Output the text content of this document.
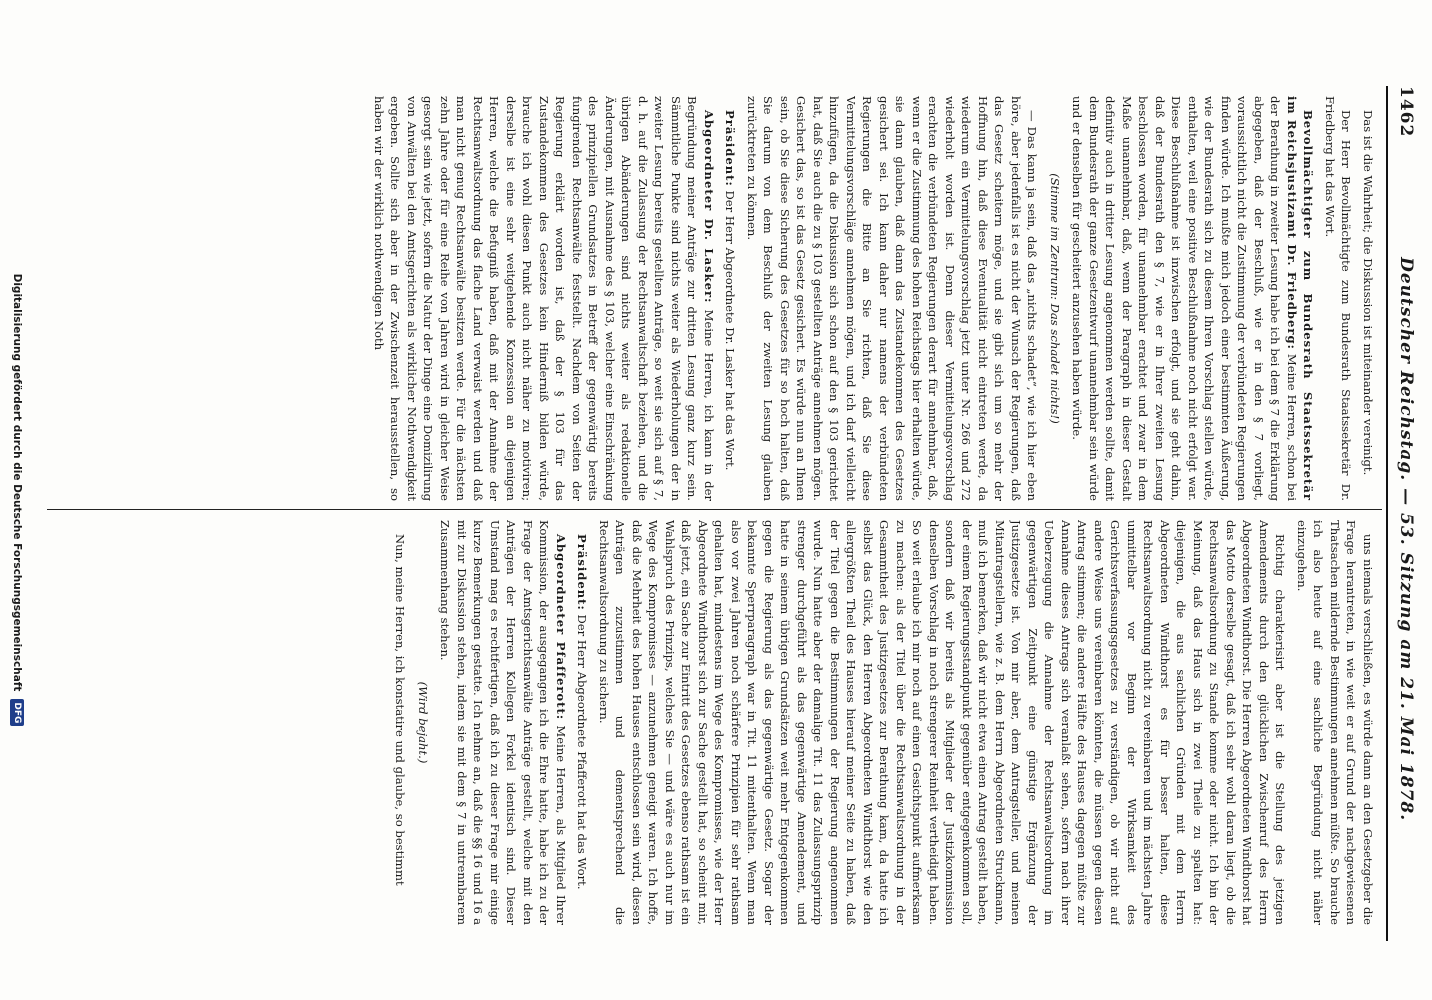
1462
Deutscher Reichstag. — 53. Sitzung am 21. Mai 1878.

Das ist die Wahrheit; die Diskussion ist miteinander vereinigt.

Der Herr Bevollmächtigte zum Bundesrath Staatssekretär Dr. Friedberg hat das Wort.

Bevollmächtigter zum Bundesrath Staatssekretär im Reichsjustizamt Dr. Friedberg: Meine Herren, schon bei der Berathung in zweiter Lesung habe ich bei dem § 7 die Erklärung abgegeben, daß der Beschluß, wie er in den § 7 vorliegt, voraussichtlich nicht die Zustimmung der verbündeten Regierungen finden würde. Ich mußte mich jedoch einer bestimmten Äußerung, wie der Bundesrath sich zu diesem Ihren Vorschlag stellen würde, enthalten, weil eine positive Beschlußnahme noch nicht erfolgt war. Diese Beschlußnahme ist inzwischen erfolgt, und sie geht dahin, daß der Bundesrath den § 7, wie er in Ihrer zweiten Lesung beschlossen worden, für unannehmbar erachtet und zwar in dem Maße unannehmbar, daß, wenn der Paragraph in dieser Gestalt definitiv auch in dritter Lesung angenommen werden sollte, damit dem Bundesrath der ganze Gesetzentwurf unannehmbar sein würde und er denselben für gescheitert anzusehen haben würde.

(Stimme im Zentrum: Das schadet nichts!)

— Das kann ja sein, daß das „nichts schadet“, wie ich hier eben höre, aber jedenfalls ist es nicht der Wunsch der Regierungen, daß das Gesetz scheitern möge, und sie gibt sich um so mehr der Hoffnung hin, daß diese Eventualität nicht eintreten werde, da wiederum ein Vermittelungsvorschlag jetzt unter Nr. 266 und 272 wiederholt worden ist. Denn dieser Vermittelungsvorschlag erachten die verbündeten Regierungen derart für annehmbar, daß, wenn er die Zustimmung des hohen Reichstags hier erhalten würde, sie dann glauben, daß dann das Zustandekommen des Gesetzes gesichert sei. Ich kann daher nur namens der verbündeten Regierungen die Bitte an Sie richten, daß Sie diese Vermittelungsvorschläge annehmen mögen, und ich darf vielleicht hinzufügen, da die Diskussion sich schon auf den § 103 gerichtet hat, daß Sie auch die zu § 103 gestellten Anträge annehmen mögen. Gesichert das, so ist das Gesetz gesichert. Es würde nun an Ihnen sein, ob Sie diese Sicherung des Gesetzes für so hoch halten, daß Sie darum von dem Beschluß der zweiten Lesung glauben zurücktreten zu können.

Präsident: Der Herr Abgeordnete Dr. Lasker hat das Wort.

Abgeordneter Dr. Lasker: Meine Herren, ich kann in der Begründung meiner Anträge zur dritten Lesung ganz kurz sein. Sämmtliche Punkte sind nichts weiter als Wiederholungen der in zweiter Lesung bereits gestellten Anträge, so weit sie sich auf § 7, d. h. auf die Zulassung der Rechtsanwaltschaft beziehen, und die übrigen Abänderungen sind nichts weiter als redaktionelle Änderungen, mit Ausnahme des § 103, welcher eine Einschränkung des prinzipiellen Grundsatzes in Betreff der gegenwärtig bereits fungirenden Rechtsanwälte feststellt. Nachdem von Seiten der Regierung erklärt worden ist, daß der § 103 für das Zustandekommen des Gesetzes kein Hinderniß bilden würde, brauche ich wohl diesen Punkt auch nicht näher zu motiviren; derselbe ist eine sehr weitgehende Konzession an diejenigen Herren, welche die Befugniß haben, daß mit der Annahme der Rechtsanwaltsordnung das flache Land verwaist werden und daß man nicht genug Rechtsanwälte besitzen werde. Für die nächsten zehn Jahre oder für eine Reihe von Jahren wird in gleicher Weise gesorgt sein wie jetzt, sofern die Natur der Dinge eine Domizilirung von Anwälten bei den Amtsgerichten als wirklicher Nothwendigkeit ergeben. Sollte sich aber in der Zwischenzeit herausstellen, so haben wir der wirklich nothwendigen Noth

uns niemals verschließen, es würde dann an den Gesetzgeber die Frage herantreten, in wie weit er auf Grund der nachgewiesenen Thatsachen mildernde Bestimmungen annehmen müßte. So brauche ich also heute auf eine sachliche Begründung nicht näher einzugehen.

Richtig charakterisirt aber ist die Stellung des jetzigen Amendements durch den glücklichen Zwischenruf des Herrn Abgeordneten Windthorst. Die Herren Abgeordneten Windthorst hat das Motto derselbe gesagt, daß ich sehr wohl daran liegt, ob die Rechtsanwaltsordnung zu Stande komme oder nicht. Ich bin der Meinung, daß das Haus sich in zwei Theile zu spalten hat: diejenigen, die aus sachlichen Gründen mit dem Herrn Abgeordneten Windthorst es für besser halten, diese Rechtsanwaltsordnung nicht zu vereinbaren und im nächsten Jahre unmittelbar vor Beginn der Wirksamkeit des Gerichtsverfassungsgesetzes zu verständigen, ob wir nicht auf andere Weise uns vereinbaren könnten, die müssen gegen diesen Antrag stimmen; die andere Hälfte des Hauses dagegen müßte zur Annahme dieses Antrags sich veranlaßt sehen, sofern nach ihrer Ueberzeugung die Annahme der Rechtsanwaltsordnung im gegenwärtigen Zeitpunkt eine günstige Ergänzung der Justizgesetze ist. Von mir aber, dem Antragsteller, und meinen Mitantragstellern, wie z. B. dem Herrn Abgeordneten Struckmann, muß ich bemerken, daß wir nicht etwa einen Antrag gestellt haben, der einem Regierungsstandpunkt gegenüber entgegenkommen soll, sondern daß wir bereits als Mitglieder der Justizkommission denselben Vorschlag in noch strengerer Reinheit vertheidigt haben. So weit erlaube ich mir noch auf einen Gesichtspunkt aufmerksam zu machen: als der Titel über die Rechtsanwaltsordnung in der Gesammtheit des Justizgesetzes zur Berathung kam, da hatte ich selbst das Glück, den Herren Abgeordneten Windthorst wie den allergrößten Theil des Hauses hierauf meiner Seite zu haben, daß der Titel gegen die Bestimmungen der Regierung angenommen wurde. Nun hatte aber der damalige Tit. 11 das Zulassungsprinzip strenger durchgeführt als das gegenwärtige Amendement, und hatte in seinem übrigen Grundsätzen weit mehr Entgegenkommen gegen die Regierung als das gegenwärtige Gesetz. Sogar der bekannte Sperrparagraph war in Tit. 11 mitenthalten. Wenn man also vor zwei Jahren noch schärfere Prinzipien für sehr rathsam gehalten hat, mindestens im Wege des Kompromisses, wie der Herr Abgeordnete Windthorst sich zur Sache gestellt hat, so scheint mir, daß jetzt, ein Sache zur Eintritt des Gesetzes ebenso rathsam ist ein Wahlspruch des Prinzips, welches Sie — und wäre es auch nur im Wege des Kompromisses — anzunehmen geneigt waren. Ich hoffe, daß die Mehrheit des hohen Hauses entschlossen sein wird, diesen Anträgen zuzustimmen und dementsprechend die Rechtsanwaltsordnung zu sichern.

Präsident: Der Herr Abgeordnete Pfafferott hat das Wort.

Abgeordneter Pfafferott: Meine Herren, als Mitglied Ihrer Kommission, der ausgegangen ich die Ehre hatte, habe ich zu der Frage der Amtsgerichtsanwälte Anträge gestellt, welche mit den Anträgen der Herren Kollegen Forkel identisch sind. Dieser Umstand mag es rechtfertigen, daß ich zu dieser Frage mir einige kurze Bemerkungen gestatte. Ich nehme an, daß die §§ 16 und 16 a mit zur Diskussion stehen, indem sie mit dem § 7 in untrennbarem Zusammenhang stehen.

(Wird bejaht.)

Nun, meine Herren, ich konstatire und glaube, so bestimmt

Digitalisierung gefördert durch die Deutsche Forschungsgemeinschaft
DFG
